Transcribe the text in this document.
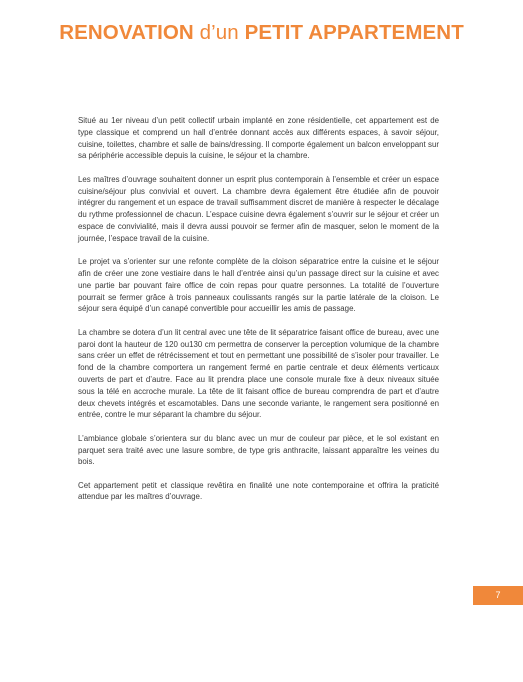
RENOVATION d’un PETIT APPARTEMENT

Situé au 1er niveau d’un petit collectif urbain implanté en zone résidentielle, cet appartement est de type classique et comprend un hall d’entrée donnant accès aux différents espaces, à savoir séjour, cuisine, toilettes, chambre et salle de bains/dressing. Il comporte également un balcon enveloppant sur sa périphérie accessible depuis la cuisine, le séjour et la chambre.

Les maîtres d’ouvrage souhaitent donner un esprit plus contemporain à l’ensemble et créer un espace cuisine/séjour plus convivial et ouvert. La chambre devra également être étudiée afin de pouvoir intégrer du rangement et un espace de travail suffisamment discret de manière à respecter le décalage du rythme professionnel de chacun. L’espace cuisine devra également s’ouvrir sur le séjour et créer un espace de convivialité, mais il devra aussi pouvoir se fermer afin de masquer, selon le moment de la journée, l’espace travail de la cuisine.

Le projet va s’orienter sur une refonte complète de la cloison séparatrice entre la cuisine et le séjour afin de créer une zone vestiaire dans le hall d’entrée ainsi qu’un passage direct sur la cuisine et avec une partie bar pouvant faire office de coin repas pour quatre personnes. La totalité de l’ouverture pourrait se fermer grâce à trois panneaux coulissants rangés sur la partie latérale de la cloison. Le séjour sera équipé d’un canapé convertible pour accueillir les amis de passage.

La chambre se dotera d’un lit central avec une tête de lit séparatrice faisant office de bureau, avec une paroi dont la hauteur de 120 ou130 cm permettra de conserver la perception volumique de la chambre sans créer un effet de rétrécissement et tout en permettant une possibilité de s’isoler pour travailler. Le fond de la chambre comportera un rangement fermé en partie centrale et deux éléments verticaux ouverts de part et d’autre. Face au lit prendra place une console murale fixe à deux niveaux située sous la télé en accroche murale. La tête de lit faisant office de bureau comprendra de part et d’autre deux chevets intégrés et escamotables. Dans une seconde variante, le rangement sera positionné en entrée, contre le mur séparant la chambre du séjour.

L’ambiance globale s’orientera sur du blanc avec un mur de couleur par pièce, et le sol existant en parquet sera traité avec une lasure sombre, de type gris anthracite, laissant apparaître les veines du bois.

Cet appartement petit et classique revêtira en finalité une note contemporaine et offrira la praticité attendue par les maîtres d’ouvrage.

7
